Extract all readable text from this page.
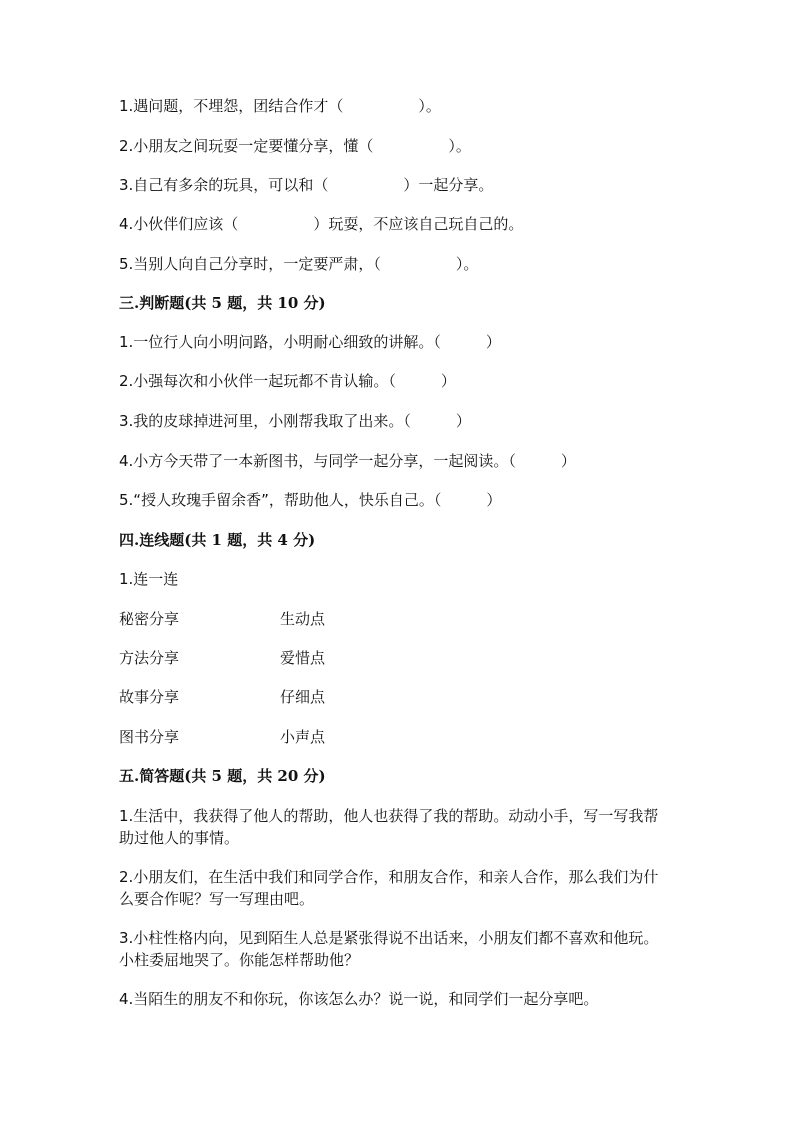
1.遇问题，不埋怨，团结合作才（　　　　　）。
2.小朋友之间玩耍一定要懂分享，懂（　　　　　）。
3.自己有多余的玩具，可以和（　　　　　）一起分享。
4.小伙伴们应该（　　　　　）玩耍，不应该自己玩自己的。
5.当别人向自己分享时，一定要严肃，（　　　　　）。
三.判断题(共 5 题，共 10 分)
1.一位行人向小明问路，小明耐心细致的讲解。（　　　）
2.小强每次和小伙伴一起玩都不肯认输。（　　　）
3.我的皮球掉进河里，小刚帮我取了出来。（　　　）
4.小方今天带了一本新图书，与同学一起分享，一起阅读。（　　　）
5.“授人玫瑰手留余香”，帮助他人，快乐自己。（　　　）
四.连线题(共 1 题，共 4 分)
1.连一连
秘密分享	生动点
方法分享	爱惜点
故事分享	仔细点
图书分享	小声点
五.简答题(共 5 题，共 20 分)
1.生活中，我获得了他人的帮助，他人也获得了我的帮助。动动小手，写一写我帮助过他人的事情。
2.小朋友们，在生活中我们和同学合作，和朋友合作，和亲人合作，那么我们为什么要合作呢？写一写理由吧。
3.小柱性格内向，见到陌生人总是紧张得说不出话来，小朋友们都不喜欢和他玩。小柱委屈地哭了。你能怎样帮助他？
4.当陌生的朋友不和你玩，你该怎么办？说一说，和同学们一起分享吧。
